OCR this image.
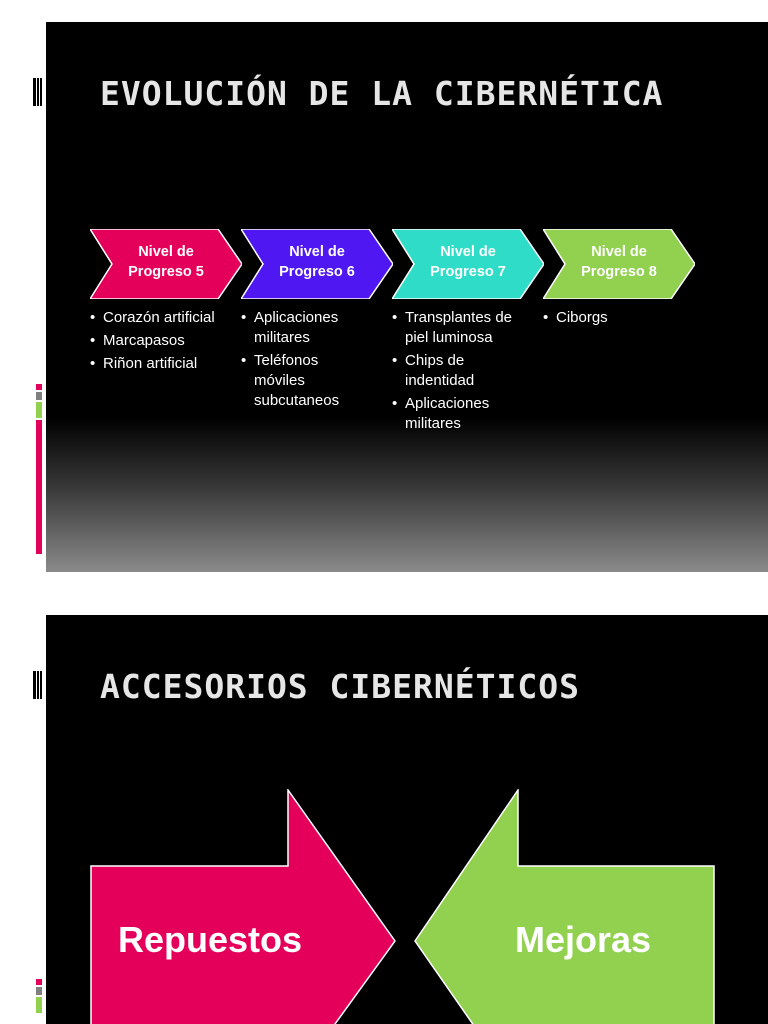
EVOLUCIÓN DE LA CIBERNÉTICA
Nivel de Progreso 5
Nivel de Progreso 6
Nivel de Progreso 7
Nivel de Progreso 8
• Corazón artificial
• Marcapasos
• Riñon artificial
• Aplicaciones militares
• Teléfonos móviles subcutaneos
• Transplantes de piel luminosa
• Chips de indentidad
• Aplicaciones militares
• Ciborgs
ACCESORIOS CIBERNÉTICOS
Repuestos	Mejoras
